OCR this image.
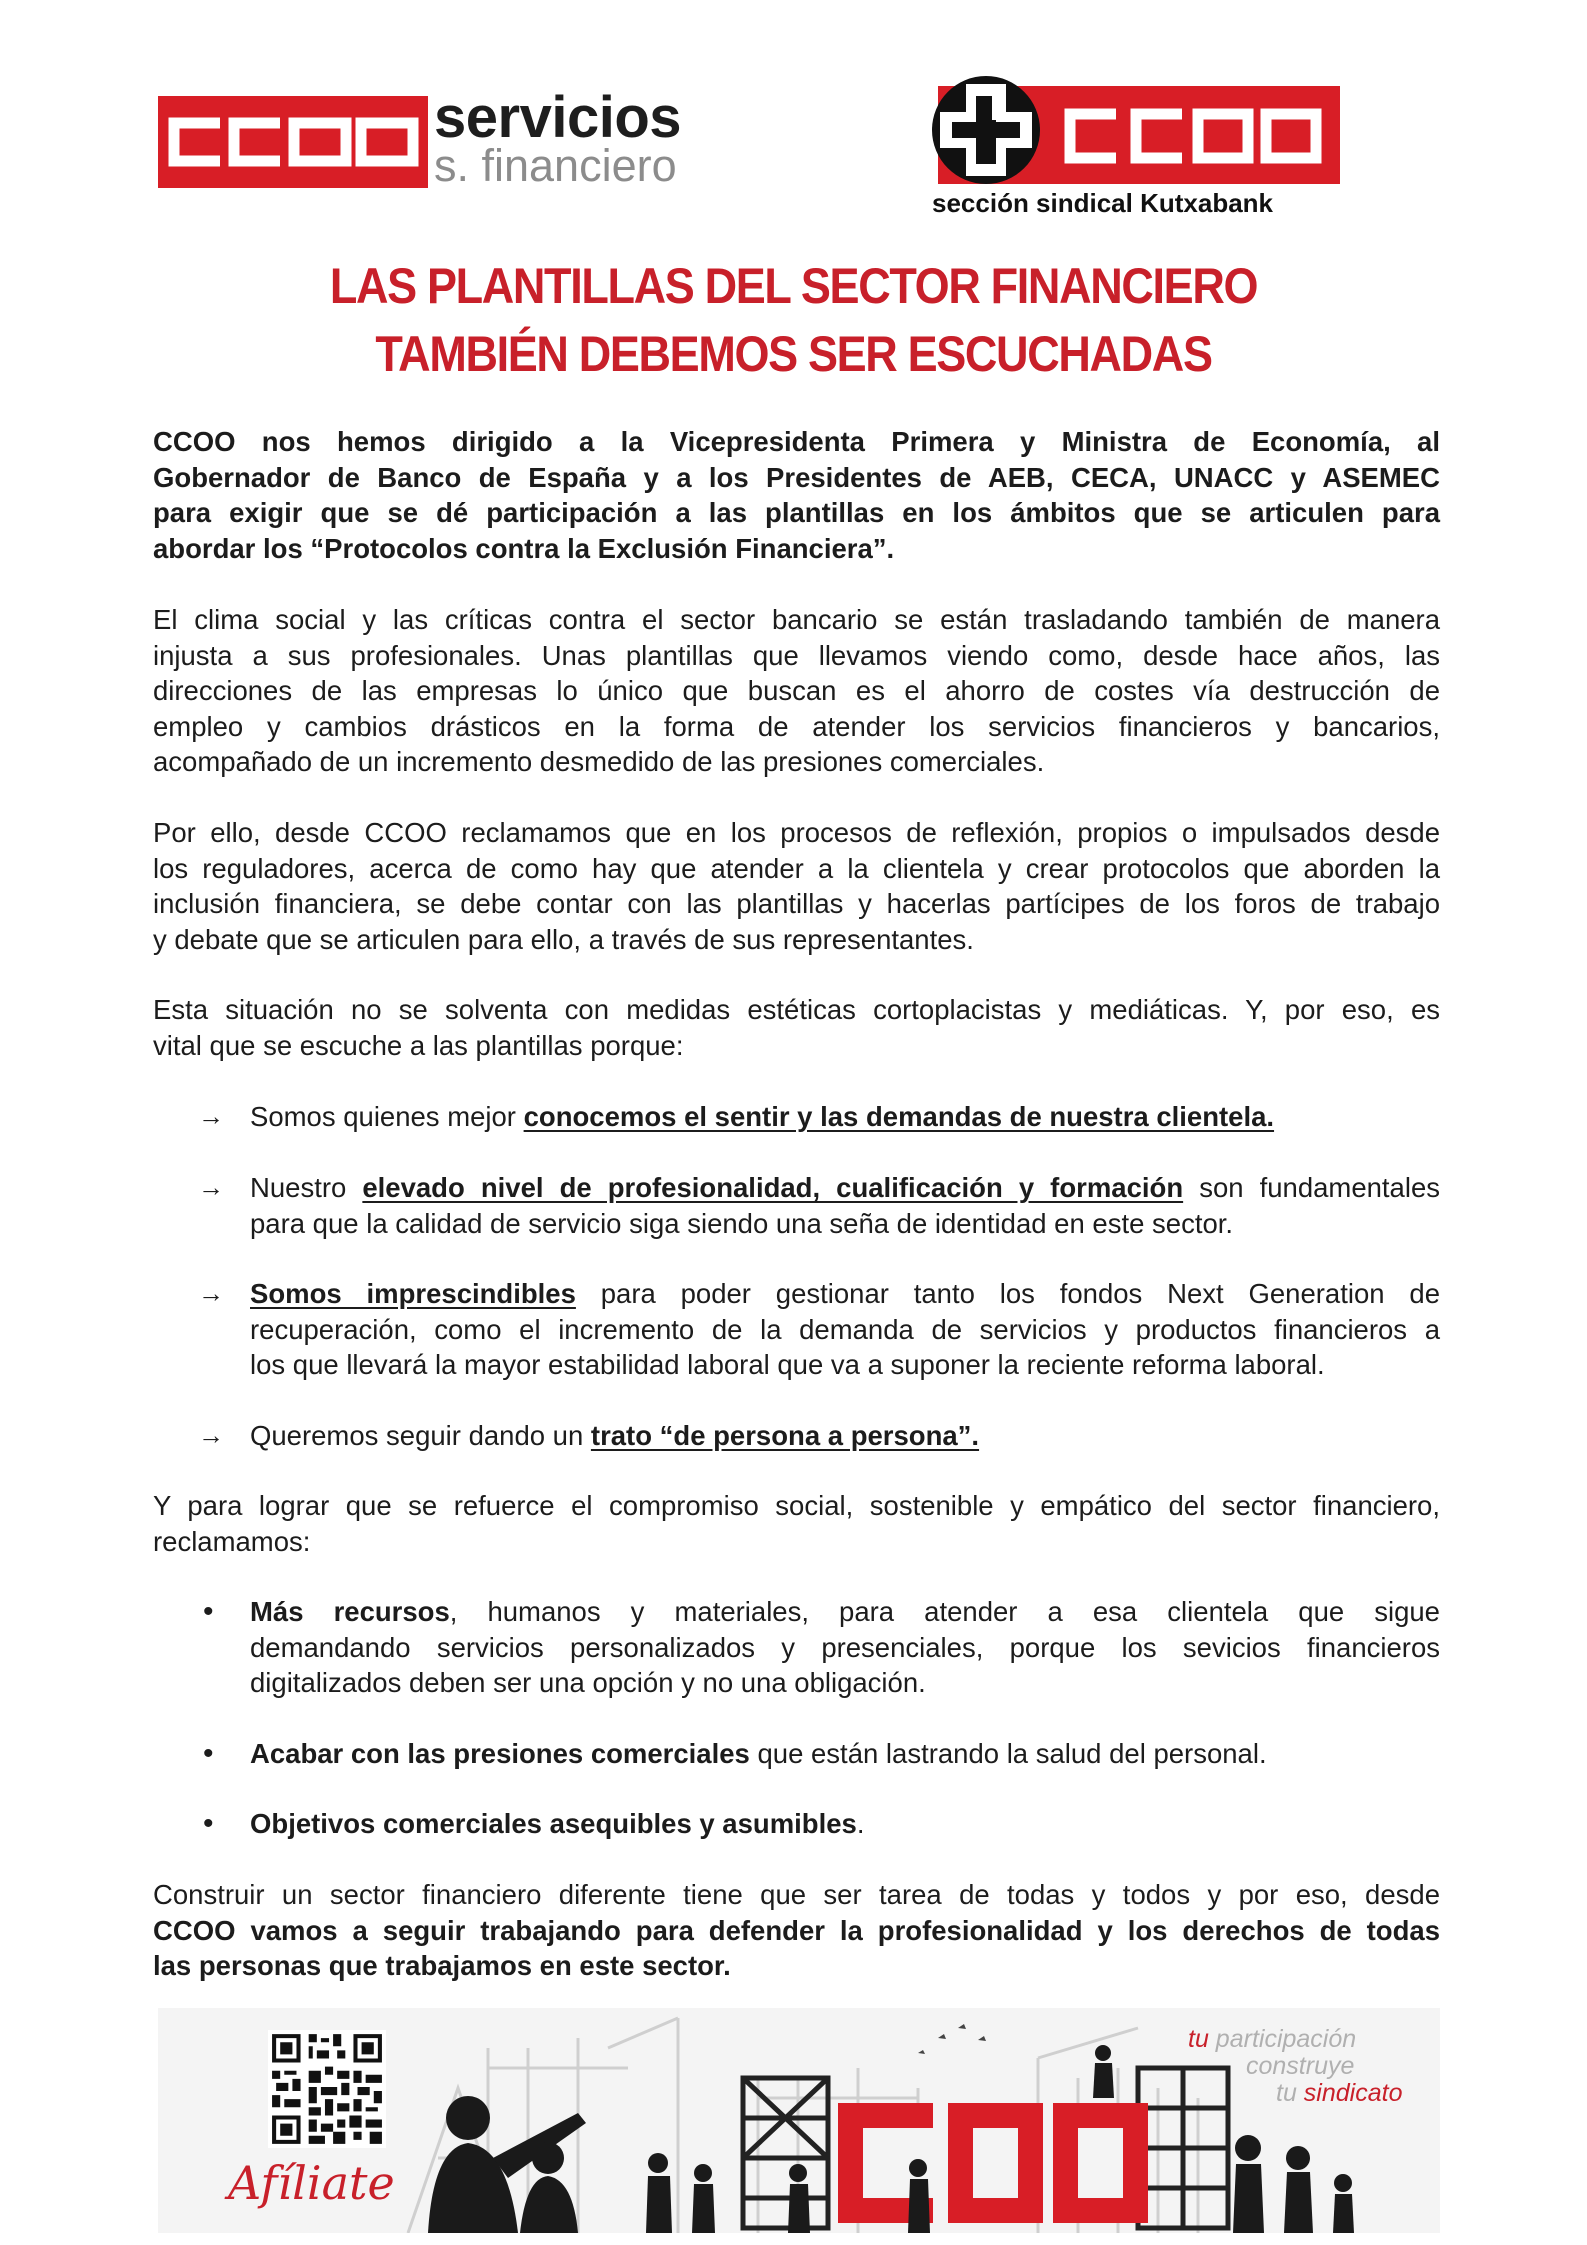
servicios
s. financiero
sección sindical Kutxabank
LAS PLANTILLAS DEL SECTOR FINANCIERO
TAMBIÉN DEBEMOS SER ESCUCHADAS
CCOO nos hemos dirigido a la Vicepresidenta Primera y Ministra de Economía, al
Gobernador de Banco de España y a los Presidentes de AEB, CECA, UNACC y ASEMEC
para exigir que se dé participación a las plantillas en los ámbitos que se articulen para
abordar los “Protocolos contra la Exclusión Financiera”.
El clima social y las críticas contra el sector bancario se están trasladando también de manera
injusta a sus profesionales. Unas plantillas que llevamos viendo como, desde hace años, las
direcciones de las empresas lo único que buscan es el ahorro de costes vía destrucción de
empleo y cambios drásticos en la forma de atender los servicios financieros y bancarios,
acompañado de un incremento desmedido de las presiones comerciales.
Por ello, desde CCOO reclamamos que en los procesos de reflexión, propios o impulsados desde
los reguladores, acerca de como hay que atender a la clientela y crear protocolos que aborden la
inclusión financiera, se debe contar con las plantillas y hacerlas partícipes de los foros de trabajo
y debate que se articulen para ello, a través de sus representantes.
Esta situación no se solventa con medidas estéticas cortoplacistas y mediáticas. Y, por eso, es
vital que se escuche a las plantillas porque:
→ Somos quienes mejor conocemos el sentir y las demandas de nuestra clientela.
→ Nuestro elevado nivel de profesionalidad, cualificación y formación son fundamentales
para que la calidad de servicio siga siendo una seña de identidad en este sector.
→ Somos imprescindibles para poder gestionar tanto los fondos Next Generation de
recuperación, como el incremento de la demanda de servicios y productos financieros a
los que llevará la mayor estabilidad laboral que va a suponer la reciente reforma laboral.
→ Queremos seguir dando un trato “de persona a persona”.
Y para lograr que se refuerce el compromiso social, sostenible y empático del sector financiero,
reclamamos:
• Más recursos, humanos y materiales, para atender a esa clientela que sigue
demandando servicios personalizados y presenciales, porque los sevicios financieros
digitalizados deben ser una opción y no una obligación.
• Acabar con las presiones comerciales que están lastrando la salud del personal.
• Objetivos comerciales asequibles y asumibles.
Construir un sector financiero diferente tiene que ser tarea de todas y todos y por eso, desde
CCOO vamos a seguir trabajando para defender la profesionalidad y los derechos de todas
las personas que trabajamos en este sector.
Afíliate
tu participación
construye
tu sindicato
